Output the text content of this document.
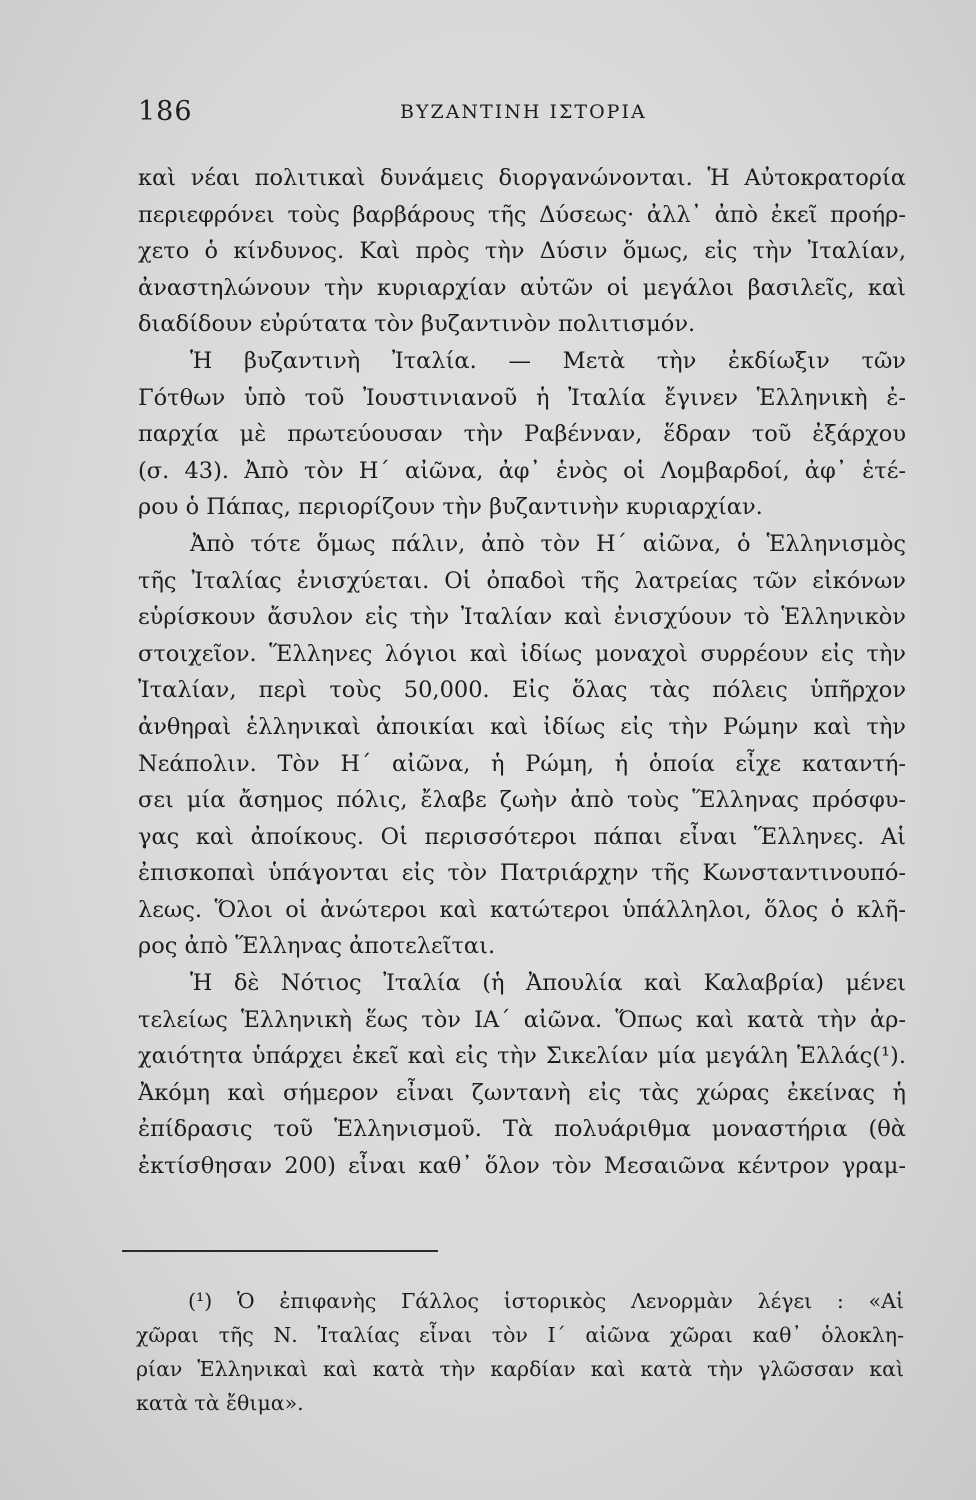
186	ΒΥΖΑΝΤΙΝΗ ΙΣΤΟΡΙΑ
καὶ νέαι πολιτικαὶ δυνάμεις διοργανώνονται. Ἡ Αὐτοκρατορία
περιεφρόνει τοὺς βαρβάρους τῆς Δύσεως· ἀλλ᾽ ἀπὸ ἐκεῖ προήρ-
χετο ὁ κίνδυνος. Καὶ πρὸς τὴν Δύσιν ὅμως, εἰς τὴν Ἰταλίαν,
ἀναστηλώνουν τὴν κυριαρχίαν αὐτῶν οἱ μεγάλοι βασιλεῖς, καὶ
διαδίδουν εὐρύτατα τὸν βυζαντινὸν πολιτισμόν.
Ἡ βυζαντινὴ Ἰταλία. — Μετὰ τὴν ἐκδίωξιν τῶν
Γότθων ὑπὸ τοῦ Ἰουστινιανοῦ ἡ Ἰταλία ἔγινεν Ἑλληνικὴ ἐ-
παρχία μὲ πρωτεύουσαν τὴν Ραβένναν, ἕδραν τοῦ ἐξάρχου
(σ. 43). Ἀπὸ τὸν Η΄ αἰῶνα, ἀφ᾽ ἑνὸς οἱ Λομβαρδοί, ἀφ᾽ ἑτέ-
ρου ὁ Πάπας, περιορίζουν τὴν βυζαντινὴν κυριαρχίαν.
Ἀπὸ τότε ὅμως πάλιν, ἀπὸ τὸν Η΄ αἰῶνα, ὁ Ἑλληνισμὸς
τῆς Ἰταλίας ἐνισχύεται. Οἱ ὀπαδοὶ τῆς λατρείας τῶν εἰκόνων
εὑρίσκουν ἄσυλον εἰς τὴν Ἰταλίαν καὶ ἐνισχύουν τὸ Ἑλληνικὸν
στοιχεῖον. Ἕλληνες λόγιοι καὶ ἰδίως μοναχοὶ συρρέουν εἰς τὴν
Ἰταλίαν, περὶ τοὺς 50,000. Εἰς ὅλας τὰς πόλεις ὑπῆρχον
ἀνθηραὶ ἑλληνικαὶ ἀποικίαι καὶ ἰδίως εἰς τὴν Ρώμην καὶ τὴν
Νεάπολιν. Τὸν Η΄ αἰῶνα, ἡ Ρώμη, ἡ ὁποία εἶχε καταντή-
σει μία ἄσημος πόλις, ἔλαβε ζωὴν ἀπὸ τοὺς Ἕλληνας πρόσφυ-
γας καὶ ἀποίκους. Οἱ περισσότεροι πάπαι εἶναι Ἕλληνες. Αἱ
ἐπισκοπαὶ ὑπάγονται εἰς τὸν Πατριάρχην τῆς Κωνσταντινουπό-
λεως. Ὅλοι οἱ ἀνώτεροι καὶ κατώτεροι ὑπάλληλοι, ὅλος ὁ κλῆ-
ρος ἀπὸ Ἕλληνας ἀποτελεῖται.
Ἡ δὲ Νότιος Ἰταλία (ἡ Ἀπουλία καὶ Καλαβρία) μένει
τελείως Ἑλληνικὴ ἕως τὸν ΙΑ΄ αἰῶνα. Ὅπως καὶ κατὰ τὴν ἀρ-
χαιότητα ὑπάρχει ἐκεῖ καὶ εἰς τὴν Σικελίαν μία μεγάλη Ἑλλάς(¹).
Ἀκόμη καὶ σήμερον εἶναι ζωντανὴ εἰς τὰς χώρας ἐκείνας ἡ
ἐπίδρασις τοῦ Ἑλληνισμοῦ. Τὰ πολυάριθμα μοναστήρια (θὰ
ἐκτίσθησαν 200) εἶναι καθ᾽ ὅλον τὸν Μεσαιῶνα κέντρον γραμ-
(¹) Ὁ ἐπιφανὴς Γάλλος ἱστορικὸς Λενορμὰν λέγει : «Αἱ
χῶραι τῆς Ν. Ἰταλίας εἶναι τὸν Ι΄ αἰῶνα χῶραι καθ᾽ ὁλοκλη-
ρίαν Ἑλληνικαὶ καὶ κατὰ τὴν καρδίαν καὶ κατὰ τὴν γλῶσσαν καὶ
κατὰ τὰ ἔθιμα».
